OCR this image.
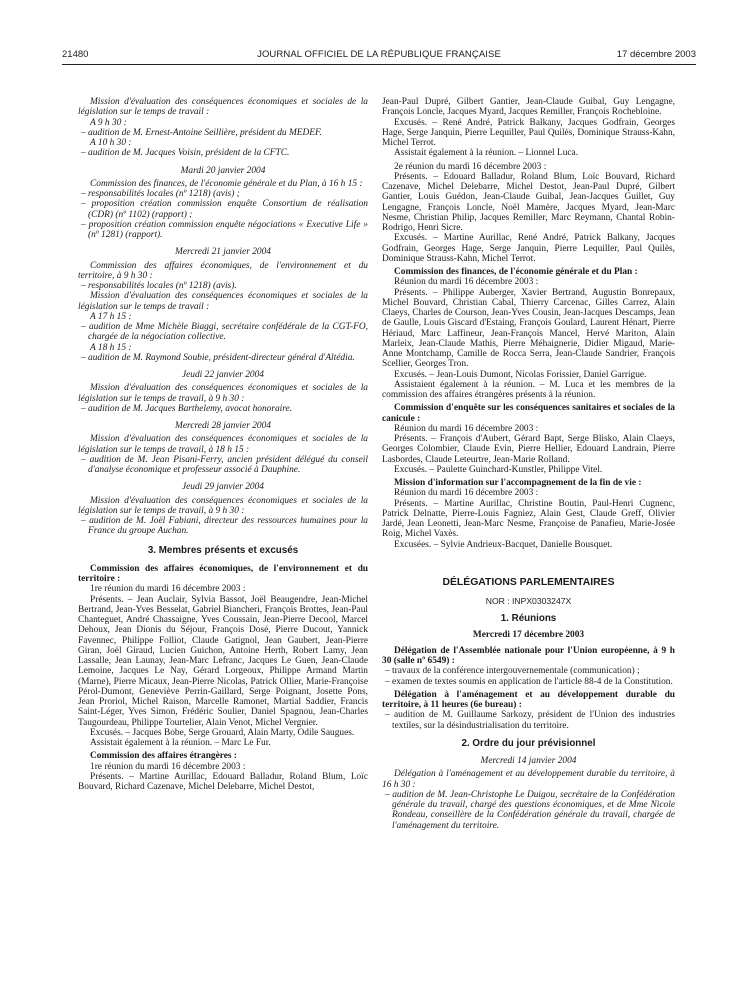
21480	JOURNAL OFFICIEL DE LA RÉPUBLIQUE FRANÇAISE	17 décembre 2003

Mission d'évaluation des conséquences économiques et sociales de la législation sur le temps de travail :

A 9 h 30 :

– audition de M. Ernest-Antoine Seillière, président du MEDEF.

A 10 h 30 :

– audition de M. Jacques Voisin, président de la CFTC.

Mardi 20 janvier 2004

Commission des finances, de l'économie générale et du Plan, à 16 h 15 :

– responsabilités locales (nº 1218) (avis) ;

– proposition création commission enquête Consortium de réalisation (CDR) (nº 1102) (rapport) ;

– proposition création commission enquête négociations « Executive Life » (nº 1281) (rapport).

Mercredi 21 janvier 2004

Commission des affaires économiques, de l'environnement et du territoire, à 9 h 30 :

– responsabilités locales (nº 1218) (avis).

Mission d'évaluation des conséquences économiques et sociales de la législation sur le temps de travail :

A 17 h 15 :

– audition de Mme Michèle Biaggi, secrétaire confédérale de la CGT-FO, chargée de la négociation collective.

A 18 h 15 :

– audition de M. Raymond Soubie, président-directeur général d'Altédia.

Jeudi 22 janvier 2004

Mission d'évaluation des conséquences économiques et sociales de la législation sur le temps de travail, à 9 h 30 :

– audition de M. Jacques Barthelemy, avocat honoraire.

Mercredi 28 janvier 2004

Mission d'évaluation des conséquences économiques et sociales de la législation sur le temps de travail, à 18 h 15 :

– audition de M. Jean Pisani-Ferry, ancien président délégué du conseil d'analyse économique et professeur associé à Dauphine.

Jeudi 29 janvier 2004

Mission d'évaluation des conséquences économiques et sociales de la législation sur le temps de travail, à 9 h 30 :

– audition de M. Joël Fabiani, directeur des ressources humaines pour la France du groupe Auchan.

3. Membres présents et excusés

Commission des affaires économiques, de l'environnement et du territoire :

1re réunion du mardi 16 décembre 2003 :

Présents. – Jean Auclair, Sylvia Bassot, Joël Beaugendre, Jean-Michel Bertrand, Jean-Yves Besselat, Gabriel Biancheri, François Brottes, Jean-Paul Chanteguet, André Chassaigne, Yves Coussain, Jean-Pierre Decool, Marcel Dehoux, Jean Dionis du Séjour, François Dosé, Pierre Ducout, Yannick Favennec, Philippe Folliot, Claude Gatignol, Jean Gaubert, Jean-Pierre Giran, Joël Giraud, Lucien Guichon, Antoine Herth, Robert Lamy, Jean Lassalle, Jean Launay, Jean-Marc Lefranc, Jacques Le Guen, Jean-Claude Lemoine, Jacques Le Nay, Gérard Lorgeoux, Philippe Armand Martin (Marne), Pierre Micaux, Jean-Pierre Nicolas, Patrick Ollier, Marie-Françoise Pérol-Dumont, Geneviève Perrin-Gaillard, Serge Poignant, Josette Pons, Jean Proriol, Michel Raison, Marcelle Ramonet, Martial Saddier, Francis Saint-Léger, Yves Simon, Frédéric Soulier, Daniel Spagnou, Jean-Charles Taugourdeau, Philippe Tourtelier, Alain Venot, Michel Vergnier.

Excusés. – Jacques Bobe, Serge Grouard, Alain Marty, Odile Saugues.

Assistait également à la réunion. – Marc Le Fur.

Commission des affaires étrangères :

1re réunion du mardi 16 décembre 2003 :

Présents. – Martine Aurillac, Edouard Balladur, Roland Blum, Loïc Bouvard, Richard Cazenave, Michel Delebarre, Michel Destot,

Jean-Paul Dupré, Gilbert Gantier, Jean-Claude Guibal, Guy Lengagne, François Loncle, Jacques Myard, Jacques Remiller, François Rochebloine.

Excusés. – René André, Patrick Balkany, Jacques Godfrain, Georges Hage, Serge Janquin, Pierre Lequiller, Paul Quilès, Dominique Strauss-Kahn, Michel Terrot.

Assistait également à la réunion. – Lionnel Luca.

2e réunion du mardi 16 décembre 2003 :

Présents. – Edouard Balladur, Roland Blum, Loïc Bouvard, Richard Cazenave, Michel Delebarre, Michel Destot, Jean-Paul Dupré, Gilbert Gantier, Louis Guédon, Jean-Claude Guibal, Jean-Jacques Guillet, Guy Lengagne, François Loncle, Noël Mamère, Jacques Myard, Jean-Marc Nesme, Christian Philip, Jacques Remiller, Marc Reymann, Chantal Robin-Rodrigo, Henri Sicre.

Excusés. – Martine Aurillac, René André, Patrick Balkany, Jacques Godfrain, Georges Hage, Serge Janquin, Pierre Lequiller, Paul Quilès, Dominique Strauss-Kahn, Michel Terrot.

Commission des finances, de l'économie générale et du Plan :

Réunion du mardi 16 décembre 2003 :

Présents. – Philippe Auberger, Xavier Bertrand, Augustin Bonrepaux, Michel Bouvard, Christian Cabal, Thierry Carcenac, Gilles Carrez, Alain Claeys, Charles de Courson, Jean-Yves Cousin, Jean-Jacques Descamps, Jean de Gaulle, Louis Giscard d'Estaing, François Goulard, Laurent Hénart, Pierre Hériaud, Marc Laffineur, Jean-François Mancel, Hervé Mariton, Alain Marleix, Jean-Claude Mathis, Pierre Méhaignerie, Didier Migaud, Marie-Anne Montchamp, Camille de Rocca Serra, Jean-Claude Sandrier, François Scellier, Georges Tron.

Excusés. – Jean-Louis Dumont, Nicolas Forissier, Daniel Garrigue.

Assistaient également à la réunion. – M. Luca et les membres de la commission des affaires étrangères présents à la réunion.

Commission d'enquête sur les conséquences sanitaires et sociales de la canicule :

Réunion du mardi 16 décembre 2003 :

Présents. – François d'Aubert, Gérard Bapt, Serge Blisko, Alain Claeys, Georges Colombier, Claude Evin, Pierre Hellier, Edouard Landrain, Pierre Lasbordes, Claude Leteurtre, Jean-Marie Rolland.

Excusés. – Paulette Guinchard-Kunstler, Philippe Vitel.

Mission d'information sur l'accompagnement de la fin de vie :

Réunion du mardi 16 décembre 2003 :

Présents. – Martine Aurillac, Christine Boutin, Paul-Henri Cugnenc, Patrick Delnatte, Pierre-Louis Fagniez, Alain Gest, Claude Greff, Olivier Jardé, Jean Leonetti, Jean-Marc Nesme, Françoise de Panafieu, Marie-Josée Roig, Michel Vaxès.

Excusées. – Sylvie Andrieux-Bacquet, Danielle Bousquet.

DÉLÉGATIONS PARLEMENTAIRES

NOR : INPX0303247X

1. Réunions

Mercredi 17 décembre 2003

Délégation de l'Assemblée nationale pour l'Union européenne, à 9 h 30 (salle nº 6549) :

– travaux de la conférence intergouvernementale (communication) ;

– examen de textes soumis en application de l'article 88-4 de la Constitution.

Délégation à l'aménagement et au développement durable du territoire, à 11 heures (6e bureau) :

– audition de M. Guillaume Sarkozy, président de l'Union des industries textiles, sur la désindustrialisation du territoire.

2. Ordre du jour prévisionnel

Mercredi 14 janvier 2004

Délégation à l'aménagement et au développement durable du territoire, à 16 h 30 :

– audition de M. Jean-Christophe Le Duigou, secrétaire de la Confédération générale du travail, chargé des questions économiques, et de Mme Nicole Rondeau, conseillère de la Confédération générale du travail, chargée de l'aménagement du territoire.
